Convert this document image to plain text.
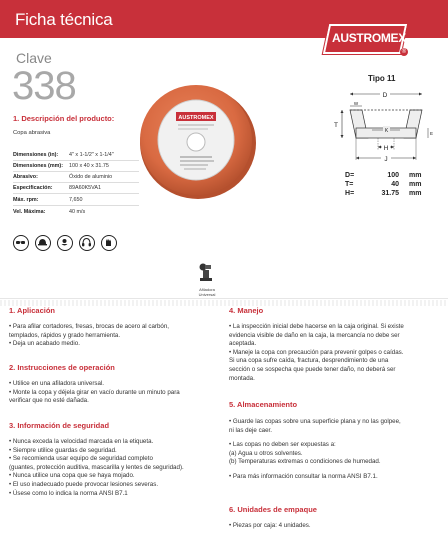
Ficha técnica
AUSTROMEX
®
Clave
338
1. Descripción del producto:
Copa abrasiva
Dimensiones (in): 4" x 1-1/2" x 1-1/4"
Dimensiones (mm): 100 x 40 x 31.75
Abrasivo:	Óxido de aluminio
Especificación:	89A60K5VA1
Máx. rpm:	7,650
Vel. Máxima:	40 m/s
AUSTROMEX
Tipo 11
D
W
T
E
K
H
J
D=	100 mm
T=	40 mm
H=	31.75 mm
Afiladora
Universal
1. Aplicación
• Para afilar cortadores, fresas, brocas de acero al carbón,
templados, rápidos y grado herramienta.
• Deja un acabado medio.
2. Instrucciones de operación
• Utilice en una afiladora universal.
• Monte la copa y déjela girar en vacío durante un minuto para
verificar que no esté dañada.
3. Información de seguridad
• Nunca exceda la velocidad marcada en la etiqueta.
• Siempre utilice guardas de seguridad.
• Se recomienda usar equipo de seguridad completo
(guantes, protección auditiva, mascarilla y lentes de seguridad).
• Nunca utilice una copa que se haya mojado.
• El uso inadecuado puede provocar lesiones severas.
• Úsese como lo indica la norma ANSI B7.1
4. Manejo
• La inspección inicial debe hacerse en la caja original. Si existe
evidencia visible de daño en la caja, la mercancía no debe ser
aceptada.
• Maneje la copa con precaución para prevenir golpes o caídas.
Si una copa sufre caída, fractura, desprendimiento de una
sección o se sospecha que puede tener daño, no deberá ser
montada.
5. Almacenamiento
• Guarde las copas sobre una superficie plana y no las golpee,
ni las deje caer.
• Las copas no deben ser expuestas a:
(a) Agua u otros solventes.
(b) Temperaturas extremas o condiciones de humedad.
• Para más información consultar la norma ANSI B7.1.
6. Unidades de empaque
• Piezas por caja: 4 unidades.
